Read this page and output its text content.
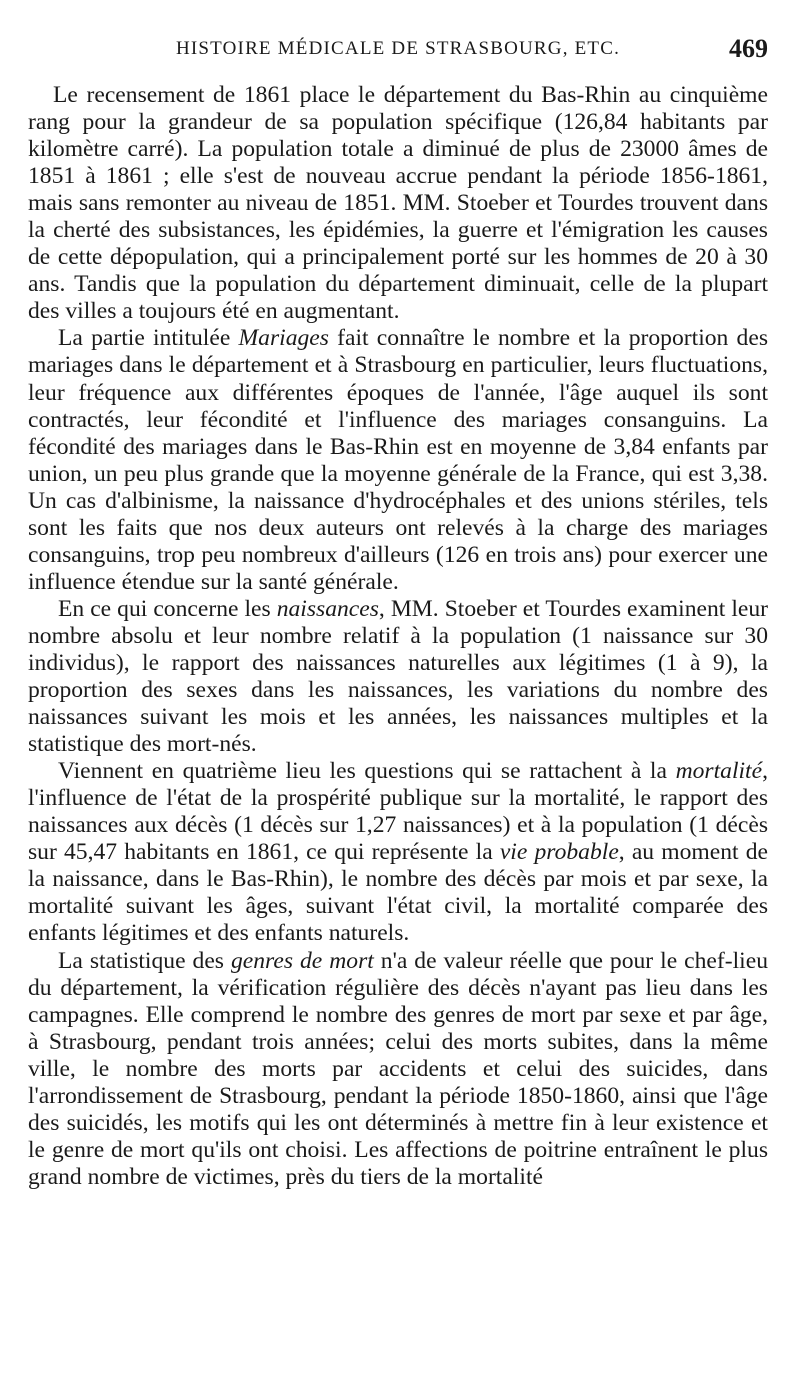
HISTOIRE MÉDICALE DE STRASBOURG, ETC.	469

Le recensement de 1861 place le département du Bas-Rhin au cinquième rang pour la grandeur de sa population spécifique (126,84 habitants par kilomètre carré). La population totale a diminué de plus de 23000 âmes de 1851 à 1861 ; elle s'est de nouveau accrue pendant la période 1856-1861, mais sans remonter au niveau de 1851. MM. Stoeber et Tourdes trouvent dans la cherté des subsistances, les épidémies, la guerre et l'émigration les causes de cette dépopulation, qui a principalement porté sur les hommes de 20 à 30 ans. Tandis que la population du département diminuait, celle de la plupart des villes a toujours été en augmentant.

La partie intitulée Mariages fait connaître le nombre et la proportion des mariages dans le département et à Strasbourg en particulier, leurs fluctuations, leur fréquence aux différentes époques de l'année, l'âge auquel ils sont contractés, leur fécondité et l'influence des mariages consanguins. La fécondité des mariages dans le Bas-Rhin est en moyenne de 3,84 enfants par union, un peu plus grande que la moyenne générale de la France, qui est 3,38. Un cas d'albinisme, la naissance d'hydrocéphales et des unions stériles, tels sont les faits que nos deux auteurs ont relevés à la charge des mariages consanguins, trop peu nombreux d'ailleurs (126 en trois ans) pour exercer une influence étendue sur la santé générale.

En ce qui concerne les naissances, MM. Stoeber et Tourdes examinent leur nombre absolu et leur nombre relatif à la population (1 naissance sur 30 individus), le rapport des naissances naturelles aux légitimes (1 à 9), la proportion des sexes dans les naissances, les variations du nombre des naissances suivant les mois et les années, les naissances multiples et la statistique des mort-nés.

Viennent en quatrième lieu les questions qui se rattachent à la mortalité, l'influence de l'état de la prospérité publique sur la mortalité, le rapport des naissances aux décès (1 décès sur 1,27 naissances) et à la population (1 décès sur 45,47 habitants en 1861, ce qui représente la vie probable, au moment de la naissance, dans le Bas-Rhin), le nombre des décès par mois et par sexe, la mortalité suivant les âges, suivant l'état civil, la mortalité comparée des enfants légitimes et des enfants naturels.

La statistique des genres de mort n'a de valeur réelle que pour le chef-lieu du département, la vérification régulière des décès n'ayant pas lieu dans les campagnes. Elle comprend le nombre des genres de mort par sexe et par âge, à Strasbourg, pendant trois années; celui des morts subites, dans la même ville, le nombre des morts par accidents et celui des suicides, dans l'arrondissement de Strasbourg, pendant la période 1850-1860, ainsi que l'âge des suicidés, les motifs qui les ont déterminés à mettre fin à leur existence et le genre de mort qu'ils ont choisi. Les affections de poitrine entraînent le plus grand nombre de victimes, près du tiers de la mortalité
